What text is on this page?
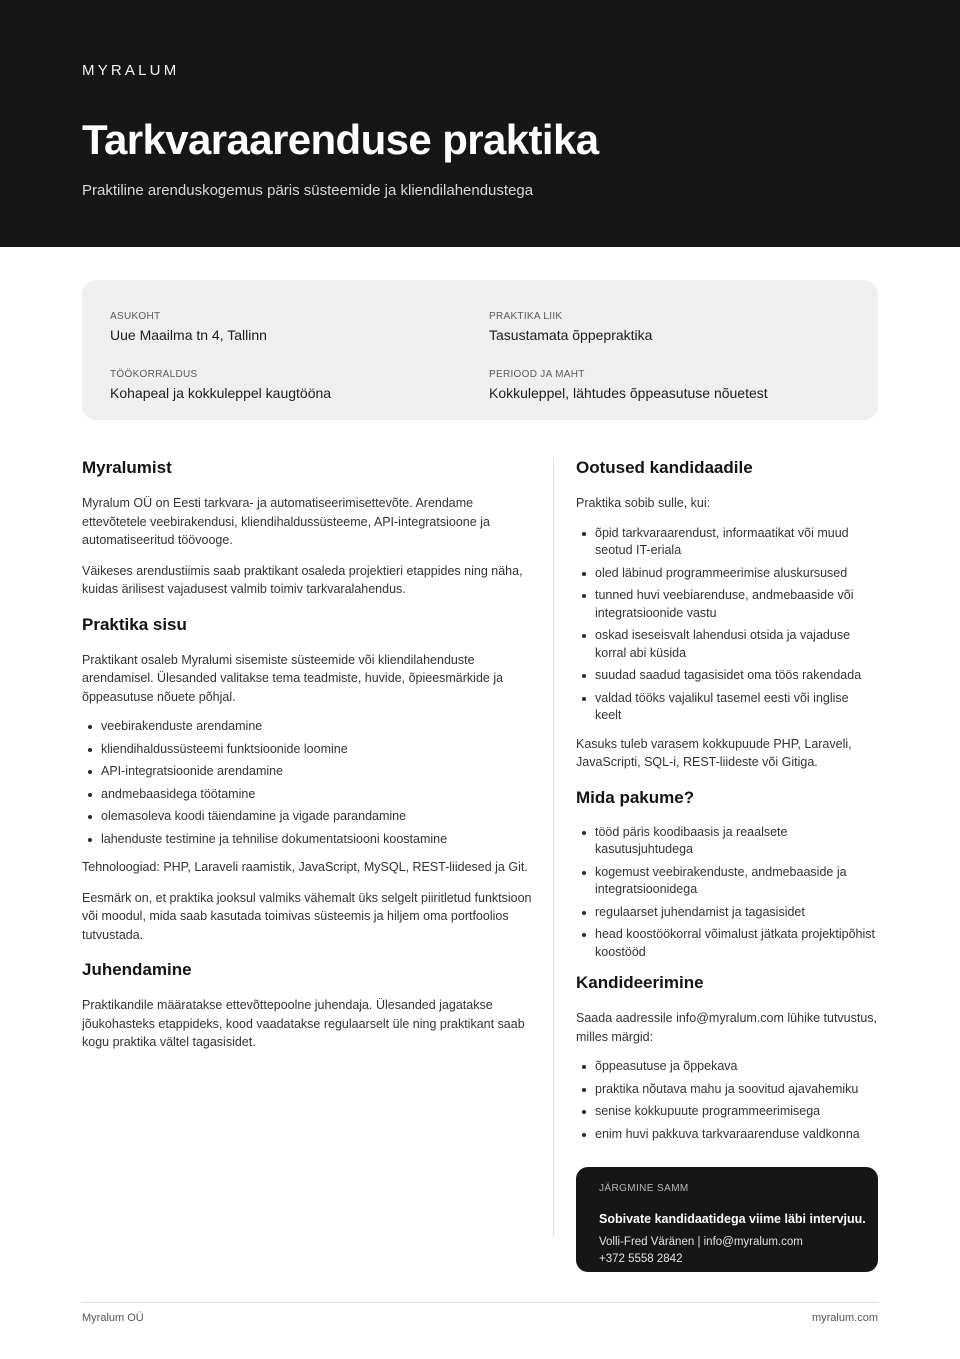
MYRALUM
Tarkvaraarenduse praktika
Praktiline arenduskogemus päris süsteemide ja kliendilahendustega
ASUKOHT
Uue Maailma tn 4, Tallinn
PRAKTIKA LIIK
Tasustamata õppepraktika
TÖÖKORRALDUS
Kohapeal ja kokkuleppel kaugtööna
PERIOOD JA MAHT
Kokkuleppel, lähtudes õppeasutuse nõuetest
Myralumist

Myralum OÜ on Eesti tarkvara- ja automatiseerimisettevõte. Arendame ettevõtetele veebirakendusi, kliendihaldussüsteeme, API-integratsioone ja automatiseeritud töövooge.

Väikeses arendustiimis saab praktikant osaleda projektieri etappides ning näha, kuidas ärilisest vajadusest valmib toimiv tarkvaralahendus.

Praktika sisu

Praktikant osaleb Myralumi sisemiste süsteemide või kliendilahenduste arendamisel. Ülesanded valitakse tema teadmiste, huvide, õpieesmärkide ja õppeasutuse nõuete põhjal.

veebirakenduste arendamine
kliendihaldussüsteemi funktsioonide loomine
API-integratsioonide arendamine
andmebaasidega töötamine
olemasoleva koodi täiendamine ja vigade parandamine
lahenduste testimine ja tehnilise dokumentatsiooni koostamine

Tehnoloogiad: PHP, Laraveli raamistik, JavaScript, MySQL, REST-liidesed ja Git.

Eesmärk on, et praktika jooksul valmiks vähemalt üks selgelt piiritletud funktsioon või moodul, mida saab kasutada toimivas süsteemis ja hiljem oma portfoolios tutvustada.

Juhendamine

Praktikandile määratakse ettevõttepoolne juhendaja. Ülesanded jagatakse jõukohasteks etappideks, kood vaadatakse regulaarselt üle ning praktikant saab kogu praktika vältel tagasisidet.

Ootused kandidaadile

Praktika sobib sulle, kui:

õpid tarkvaraarendust, informaatikat või muud seotud IT-eriala
oled läbinud programmeerimise aluskursused
tunned huvi veebiarenduse, andmebaaside või integratsioonide vastu
oskad iseseisvalt lahendusi otsida ja vajaduse korral abi küsida
suudad saadud tagasisidet oma töös rakendada
valdad tööks vajalikul tasemel eesti või inglise keelt

Kasuks tuleb varasem kokkupuude PHP, Laraveli, JavaScripti, SQL-i, REST-liideste või Gitiga.

Mida pakume?
tööd päris koodibaasis ja reaalsete kasutusjuhtudega
kogemust veebirakenduste, andmebaaside ja integratsioonidega
regulaarset juhendamist ja tagasisidet
head koostöökorral võimalust jätkata projektipõhist koostööd
Kandideerimine

Saada aadressile info@myralum.com lühike tutvustus, milles märgid:

õppeasutuse ja õppekava
praktika nõutava mahu ja soovitud ajavahemiku
senise kokkupuute programmeerimisega
enim huvi pakkuva tarkvaraarenduse valdkonna
JÄRGMINE SAMM
Sobivate kandidaatidega viime läbi intervjuu.
Volli-Fred Väränen | info@myralum.com
+372 5558 2842
Myralum OÜ	myralum.com
